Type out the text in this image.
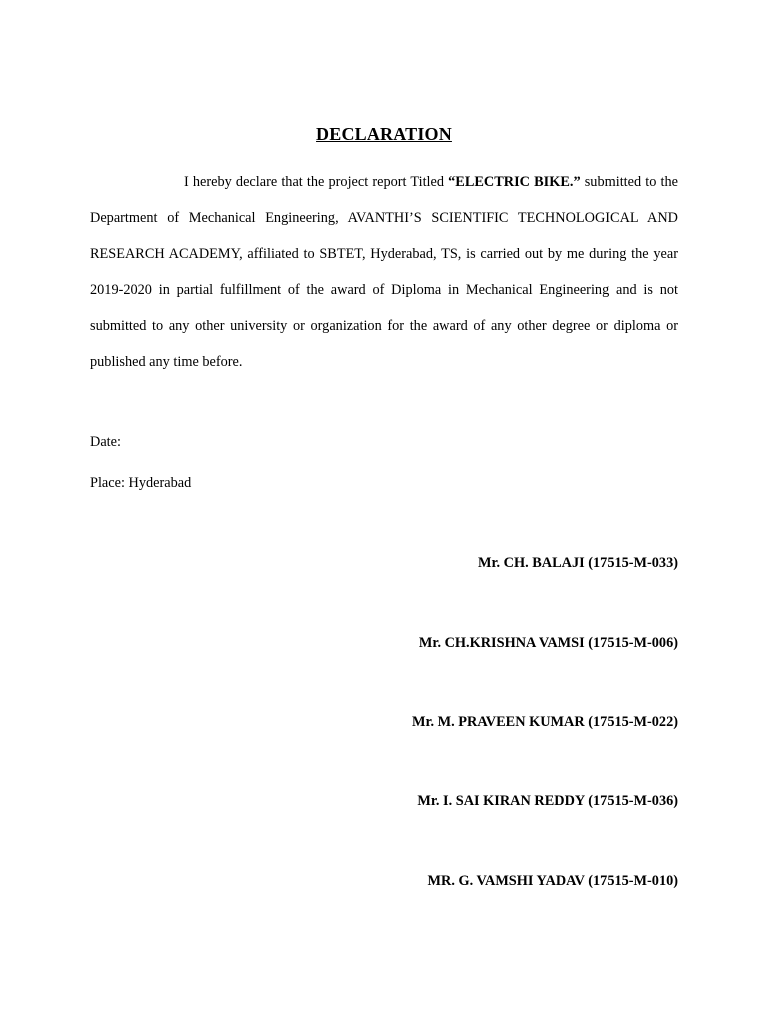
DECLARATION

I hereby declare that the project report Titled “ELECTRIC BIKE.” submitted to the Department of Mechanical Engineering, AVANTHI’S SCIENTIFIC TECHNOLOGICAL AND RESEARCH ACADEMY, affiliated to SBTET, Hyderabad, TS, is carried out by me during the year 2019-2020 in partial fulfillment of the award of Diploma in Mechanical Engineering and is not submitted to any other university or organization for the award of any other degree or diploma or published any time before.

Date:
Place: Hyderabad
Mr. CH. BALAJI (17515-M-033)
Mr. CH.KRISHNA VAMSI (17515-M-006)
Mr. M. PRAVEEN KUMAR (17515-M-022)
Mr. I. SAI KIRAN REDDY (17515-M-036)
MR. G. VAMSHI YADAV (17515-M-010)
